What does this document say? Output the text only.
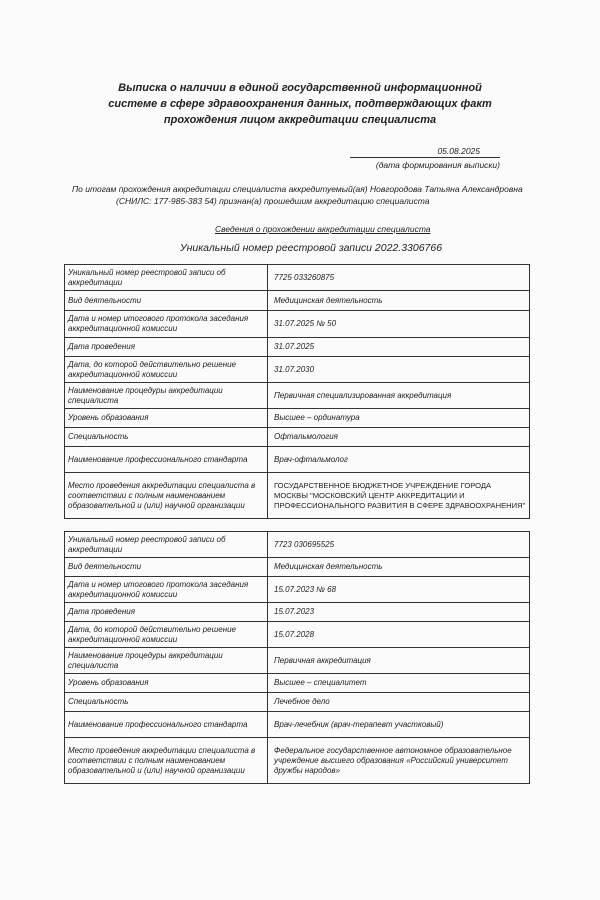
Выписка о наличии в единой государственной информационной
системе в сфере здравоохранения данных, подтверждающих факт
прохождения лицом аккредитации специалиста
05.08.2025
(дата формирования выписки)
По итогам прохождения аккредитации специалиста аккредитуемый(ая) Новгородова Татьяна Александровна
(СНИЛС: 177-985-383 54) признан(а) прошедшим аккредитацию специалиста
Сведения о прохождении аккредитации специалиста
Уникальный номер реестровой записи 2022.3306766
Уникальный номер реестровой записи об аккредитации	7725 033260875
Вид деятельности	Медицинская деятельность
Дата и номер итогового протокола заседания аккредитационной комиссии	31.07.2025 № 50
Дата проведения	31.07.2025
Дата, до которой действительно решение аккредитационной комиссии	31.07.2030
Наименование процедуры аккредитации специалиста	Первичная специализированная аккредитация
Уровень образования	Высшее – ординатура
Специальность	Офтальмология
Наименование профессионального стандарта	Врач-офтальмолог
Место проведения аккредитации специалиста в соответствии с полным наименованием образовательной и (или) научной организации	ГОСУДАРСТВЕННОЕ БЮДЖЕТНОЕ УЧРЕЖДЕНИЕ ГОРОДА МОСКВЫ "МОСКОВСКИЙ ЦЕНТР АККРЕДИТАЦИИ И ПРОФЕССИОНАЛЬНОГО РАЗВИТИЯ В СФЕРЕ ЗДРАВООХРАНЕНИЯ"
Уникальный номер реестровой записи об аккредитации	7723 030695525
Вид деятельности	Медицинская деятельность
Дата и номер итогового протокола заседания аккредитационной комиссии	15.07.2023 № 68
Дата проведения	15.07.2023
Дата, до которой действительно решение аккредитационной комиссии	15.07.2028
Наименование процедуры аккредитации специалиста	Первичная аккредитация
Уровень образования	Высшее – специалитет
Специальность	Лечебное дело
Наименование профессионального стандарта	Врач-лечебник (врач-терапевт участковый)
Место проведения аккредитации специалиста в соответствии с полным наименованием образовательной и (или) научной организации	Федеральное государственное автономное образовательное учреждение высшего образования «Российский университет дружбы народов»
